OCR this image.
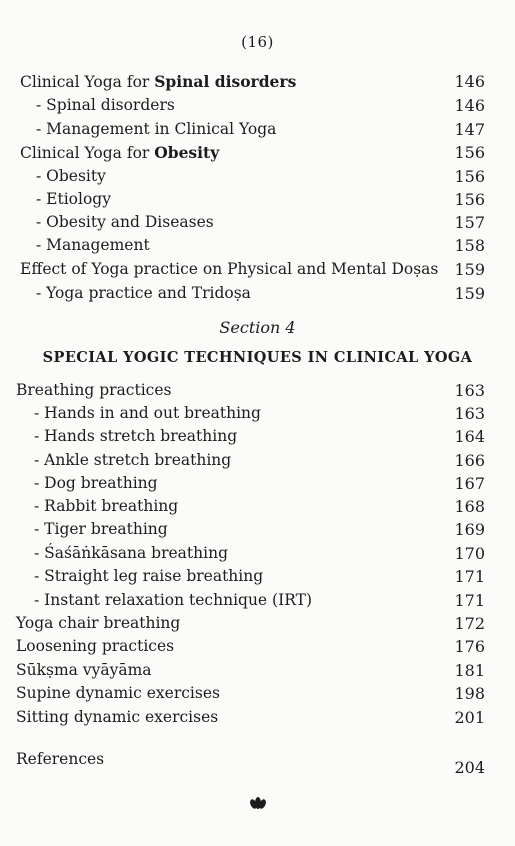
(16)
Clinical Yoga for Spinal disorders	146
- Spinal disorders	146
- Management in Clinical Yoga	147
Clinical Yoga for Obesity	156
- Obesity	156
- Etiology	156
- Obesity and Diseases	157
- Management	158
Effect of Yoga practice on Physical and Mental Doṣas 159
- Yoga practice and Tridoṣa	159
Section 4
SPECIAL YOGIC TECHNIQUES IN CLINICAL YOGA
Breathing practices	163
- Hands in and out breathing	163
- Hands stretch breathing	164
- Ankle stretch breathing	166
- Dog breathing	167
- Rabbit breathing	168
- Tiger breathing	169
- Śaśāṅkāsana breathing	170
- Straight leg raise breathing	171
- Instant relaxation technique (IRT)	171
Yoga chair breathing	172
Loosening practices	176
Sūkṣma vyāyāma	181
Supine dynamic exercises	198
Sitting dynamic exercises	201
References	204
